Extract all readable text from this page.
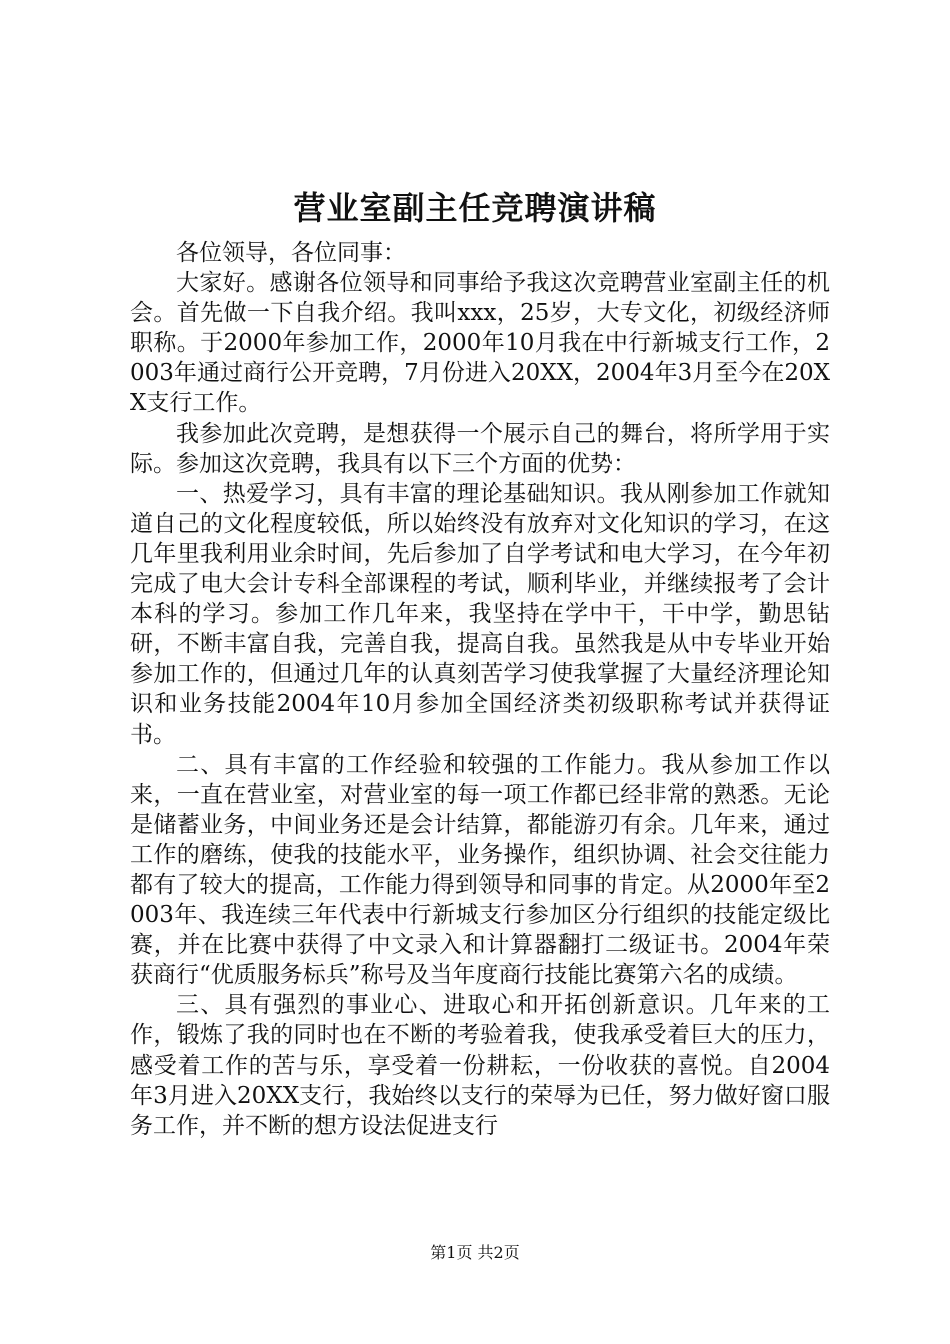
营业室副主任竞聘演讲稿

各位领导，各位同事：

大家好。感谢各位领导和同事给予我这次竞聘营业室副主任的机会。首先做一下自我介绍。我叫xxx，25岁，大专文化，初级经济师职称。于2000年参加工作，2000年10月我在中行新城支行工作，2003年通过商行公开竞聘，7月份进入20XX，2004年3月至今在20XX支行工作。

我参加此次竞聘，是想获得一个展示自己的舞台，将所学用于实际。参加这次竞聘，我具有以下三个方面的优势：

一、热爱学习，具有丰富的理论基础知识。我从刚参加工作就知道自己的文化程度较低，所以始终没有放弃对文化知识的学习，在这几年里我利用业余时间，先后参加了自学考试和电大学习，在今年初完成了电大会计专科全部课程的考试，顺利毕业，并继续报考了会计本科的学习。参加工作几年来，我坚持在学中干，干中学，勤思钻研，不断丰富自我，完善自我，提高自我。虽然我是从中专毕业开始参加工作的，但通过几年的认真刻苦学习使我掌握了大量经济理论知识和业务技能2004年10月参加全国经济类初级职称考试并获得证书。

二、具有丰富的工作经验和较强的工作能力。我从参加工作以来，一直在营业室，对营业室的每一项工作都已经非常的熟悉。无论是储蓄业务，中间业务还是会计结算，都能游刃有余。几年来，通过工作的磨练，使我的技能水平，业务操作，组织协调、社会交往能力都有了较大的提高，工作能力得到领导和同事的肯定。从2000年至2003年、我连续三年代表中行新城支行参加区分行组织的技能定级比赛，并在比赛中获得了中文录入和计算器翻打二级证书。2004年荣获商行“优质服务标兵”称号及当年度商行技能比赛第六名的成绩。

三、具有强烈的事业心、进取心和开拓创新意识。几年来的工作，锻炼了我的同时也在不断的考验着我，使我承受着巨大的压力，感受着工作的苦与乐，享受着一份耕耘，一份收获的喜悦。自2004年3月进入20XX支行，我始终以支行的荣辱为已任，努力做好窗口服务工作，并不断的想方设法促进支行

第1页 共2页
